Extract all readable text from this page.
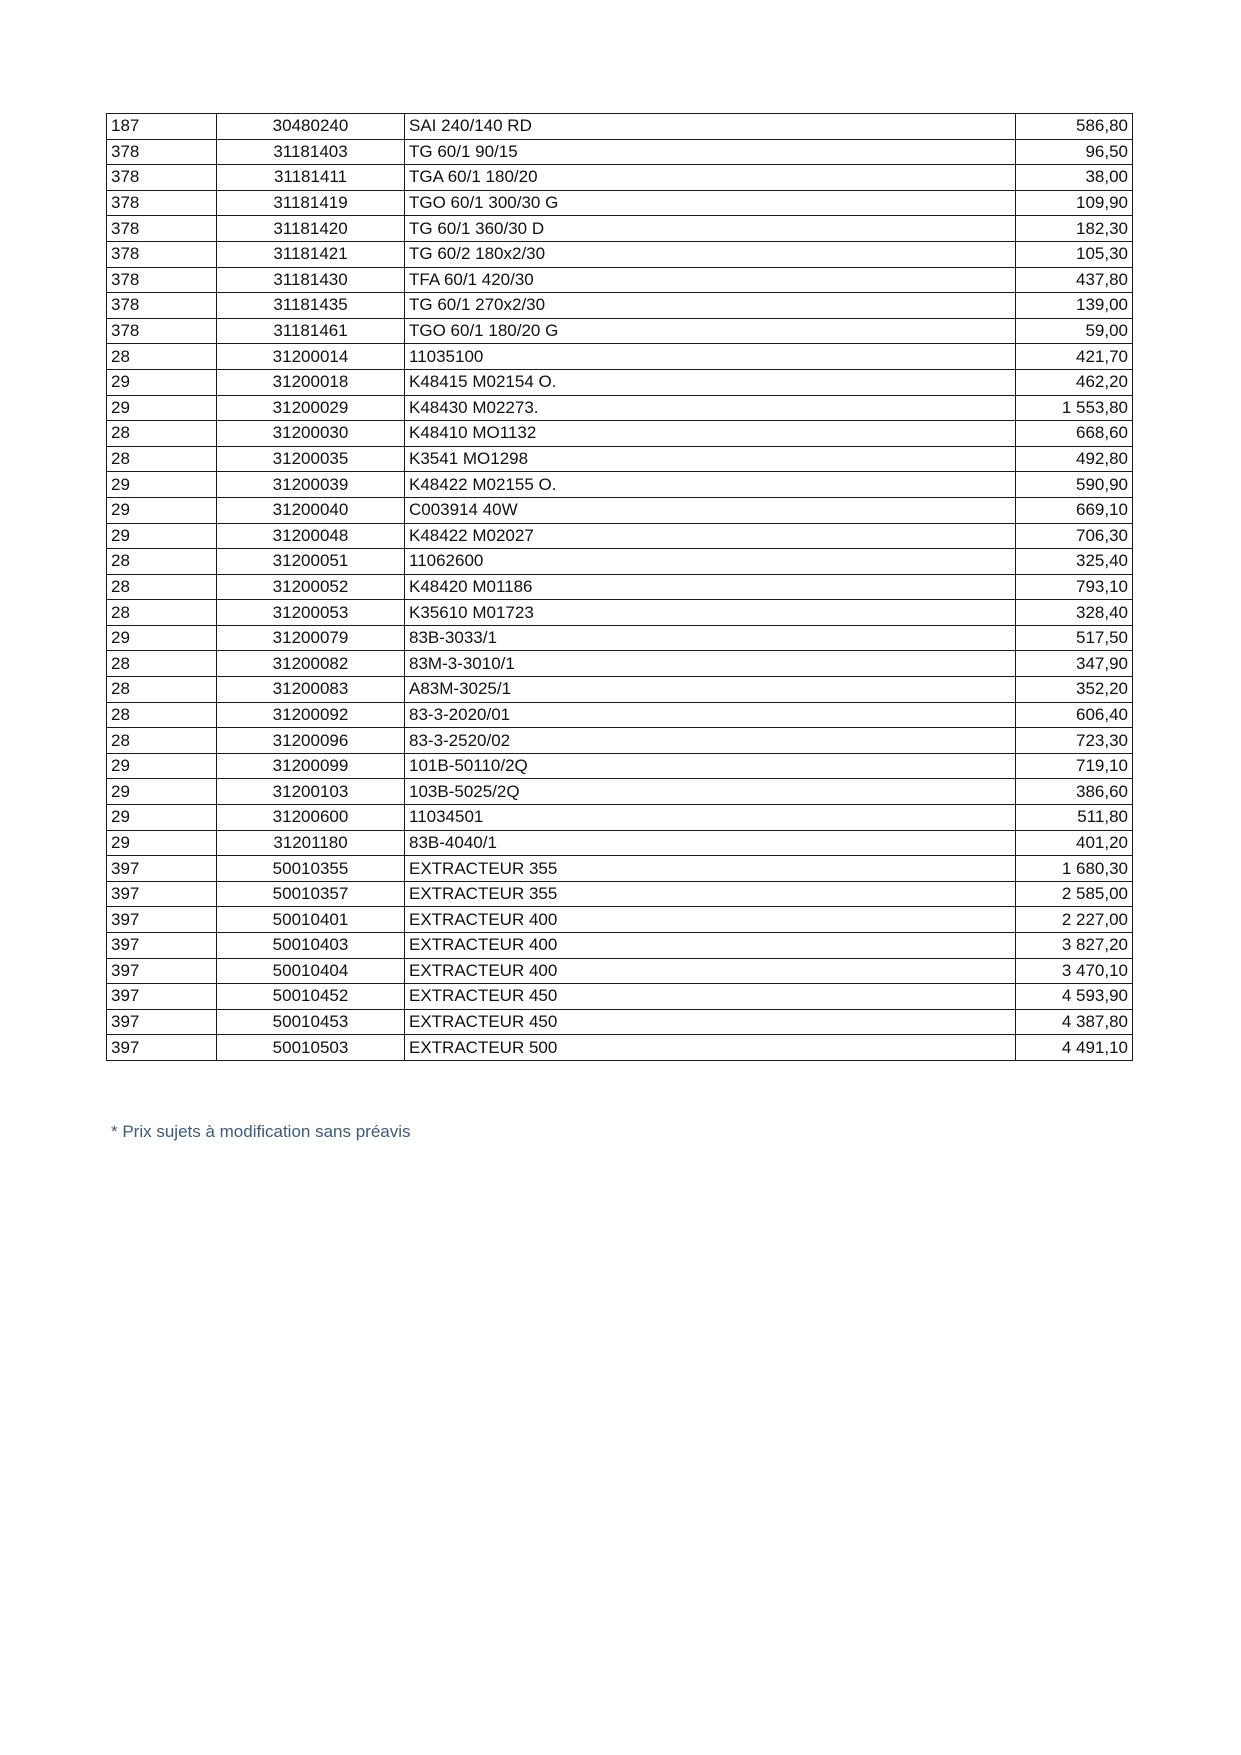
187	30480240	SAI 240/140 RD	586,80
378	31181403	TG 60/1 90/15	96,50
378	31181411	TGA 60/1 180/20	38,00
378	31181419	TGO 60/1 300/30 G	109,90
378	31181420	TG 60/1 360/30 D	182,30
378	31181421	TG 60/2 180x2/30	105,30
378	31181430	TFA 60/1 420/30	437,80
378	31181435	TG 60/1 270x2/30	139,00
378	31181461	TGO 60/1 180/20 G	59,00
28	31200014	11035100	421,70
29	31200018	K48415 M02154 O.	462,20
29	31200029	K48430 M02273.	1 553,80
28	31200030	K48410 MO1132	668,60
28	31200035	K3541 MO1298	492,80
29	31200039	K48422 M02155 O.	590,90
29	31200040	C003914 40W	669,10
29	31200048	K48422 M02027	706,30
28	31200051	11062600	325,40
28	31200052	K48420 M01186	793,10
28	31200053	K35610 M01723	328,40
29	31200079	83B-3033/1	517,50
28	31200082	83M-3-3010/1	347,90
28	31200083	A83M-3025/1	352,20
28	31200092	83-3-2020/01	606,40
28	31200096	83-3-2520/02	723,30
29	31200099	101B-50110/2Q	719,10
29	31200103	103B-5025/2Q	386,60
29	31200600	11034501	511,80
29	31201180	83B-4040/1	401,20
397	50010355	EXTRACTEUR 355	1 680,30
397	50010357	EXTRACTEUR 355	2 585,00
397	50010401	EXTRACTEUR 400	2 227,00
397	50010403	EXTRACTEUR 400	3 827,20
397	50010404	EXTRACTEUR 400	3 470,10
397	50010452	EXTRACTEUR 450	4 593,90
397	50010453	EXTRACTEUR 450	4 387,80
397	50010503	EXTRACTEUR 500	4 491,10
* Prix sujets à modification sans préavis
